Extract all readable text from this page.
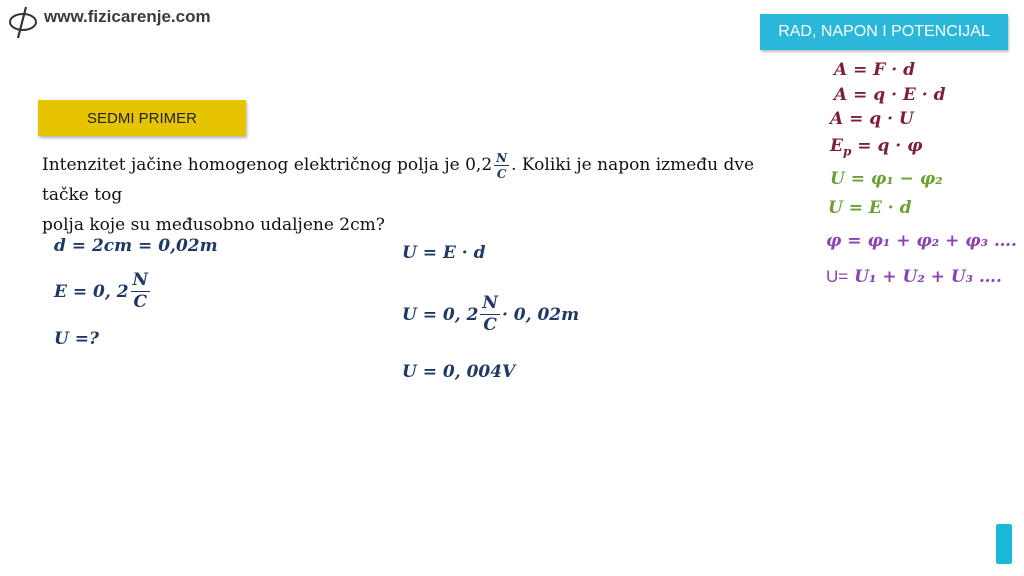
www.fizicarenje.com
RAD, NAPON I POTENCIJAL
SEDMI PRIMER
Intenzitet jačine homogenog električnog polja je $0,2 \frac{N}{C}$ . Koliki je napon između dve tačke tog
polja koje su međusobno udaljene 2cm?
d = 2cm = 0,02m
E = 0, $2 \frac{N}{C}$
U =?
U = E · d
U = 0, $2 \frac{N}{C} \cdot 0$, 02m
U = 0, 004V
A = F · d
A = q · E · d
A = q · U
$E_p = q \cdot \varphi$
U = φ₁ − φ₂
U = E · d
φ = φ₁ + φ₂ + φ₃ ….
U= U₁ + U₂ + U₃ ….
